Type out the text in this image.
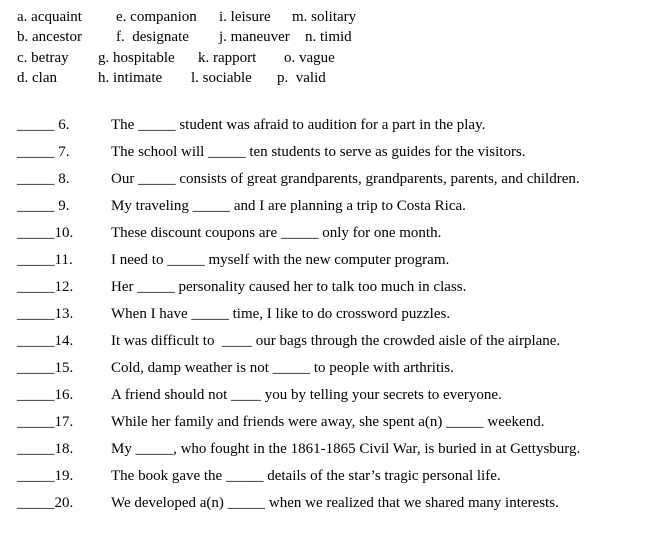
a. acquaint e. companion i. leisure m. solitary
b. ancestor f.  designate j. maneuver n. timid
c. betray g. hospitable k. rapport o. vague
d. clan	h. intimate l. sociable p.  valid
_____ 6.	The _____ student was afraid to audition for a part in the play.
_____ 7.	The school will _____ ten students to serve as guides for the visitors.
_____ 8.	Our _____ consists of great grandparents, grandparents, parents, and children.
_____ 9.	My traveling _____ and I are planning a trip to Costa Rica.
_____10.	These discount coupons are _____ only for one month.
_____11.	I need to _____ myself with the new computer program.
_____12.	Her _____ personality caused her to talk too much in class.
_____13.	When I have _____ time, I like to do crossword puzzles.
_____14.	It was difficult to  ____ our bags through the crowded aisle of the airplane.
_____15.	Cold, damp weather is not _____ to people with arthritis.
_____16.	A friend should not ____ you by telling your secrets to everyone.
_____17.	While her family and friends were away, she spent a(n) _____ weekend.
_____18.	My _____, who fought in the 1861-1865 Civil War, is buried in at Gettysburg.
_____19.	The book gave the _____ details of the star’s tragic personal life.
_____20.	We developed a(n) _____ when we realized that we shared many interests.
